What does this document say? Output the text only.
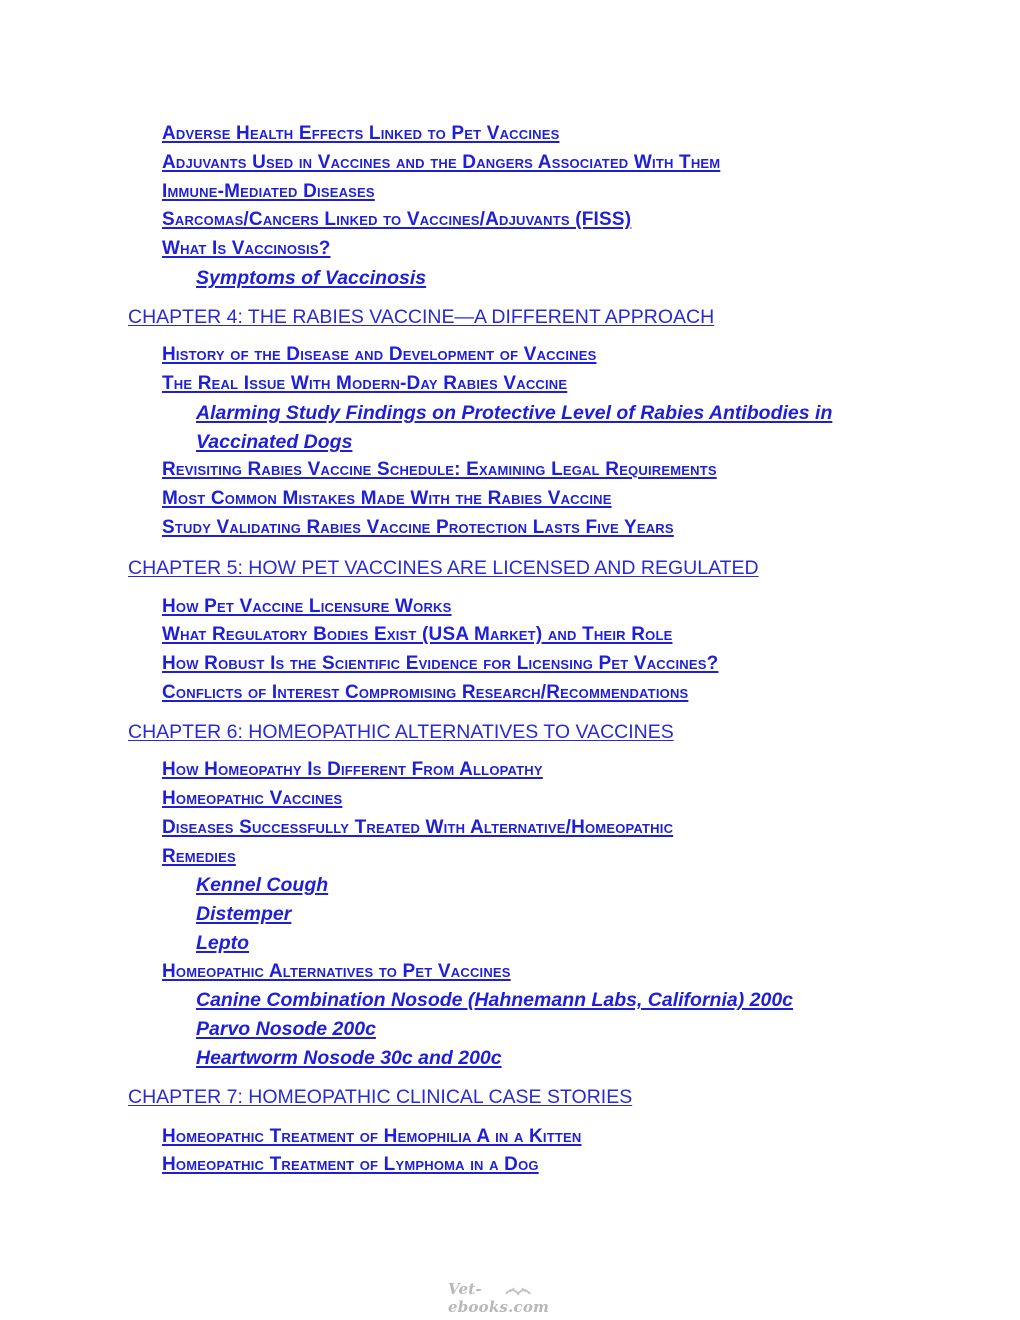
Adverse Health Effects Linked to Pet Vaccines
Adjuvants Used in Vaccines and the Dangers Associated With Them
Immune-Mediated Diseases
Sarcomas/Cancers Linked to Vaccines/Adjuvants (FISS)
What Is Vaccinosis?
Symptoms of Vaccinosis
CHAPTER 4: THE RABIES VACCINE—A DIFFERENT APPROACH
History of the Disease and Development of Vaccines
The Real Issue With Modern-Day Rabies Vaccine
Alarming Study Findings on Protective Level of Rabies Antibodies in
Vaccinated Dogs
Revisiting Rabies Vaccine Schedule: Examining Legal Requirements
Most Common Mistakes Made With the Rabies Vaccine
Study Validating Rabies Vaccine Protection Lasts Five Years
CHAPTER 5: HOW PET VACCINES ARE LICENSED AND REGULATED
How Pet Vaccine Licensure Works
What Regulatory Bodies Exist (USA Market) and Their Role
How Robust Is the Scientific Evidence for Licensing Pet Vaccines?
Conflicts of Interest Compromising Research/Recommendations
CHAPTER 6: HOMEOPATHIC ALTERNATIVES TO VACCINES
How Homeopathy Is Different From Allopathy
Homeopathic Vaccines
Diseases Successfully Treated With Alternative/Homeopathic
Remedies
Kennel Cough
Distemper
Lepto
Homeopathic Alternatives to Pet Vaccines
Canine Combination Nosode (Hahnemann Labs, California) 200c
Parvo Nosode 200c
Heartworm Nosode 30c and 200c
CHAPTER 7: HOMEOPATHIC CLINICAL CASE STORIES
Homeopathic Treatment of Hemophilia A in a Kitten
Homeopathic Treatment of Lymphoma in a Dog
Vet-ebooks.com
